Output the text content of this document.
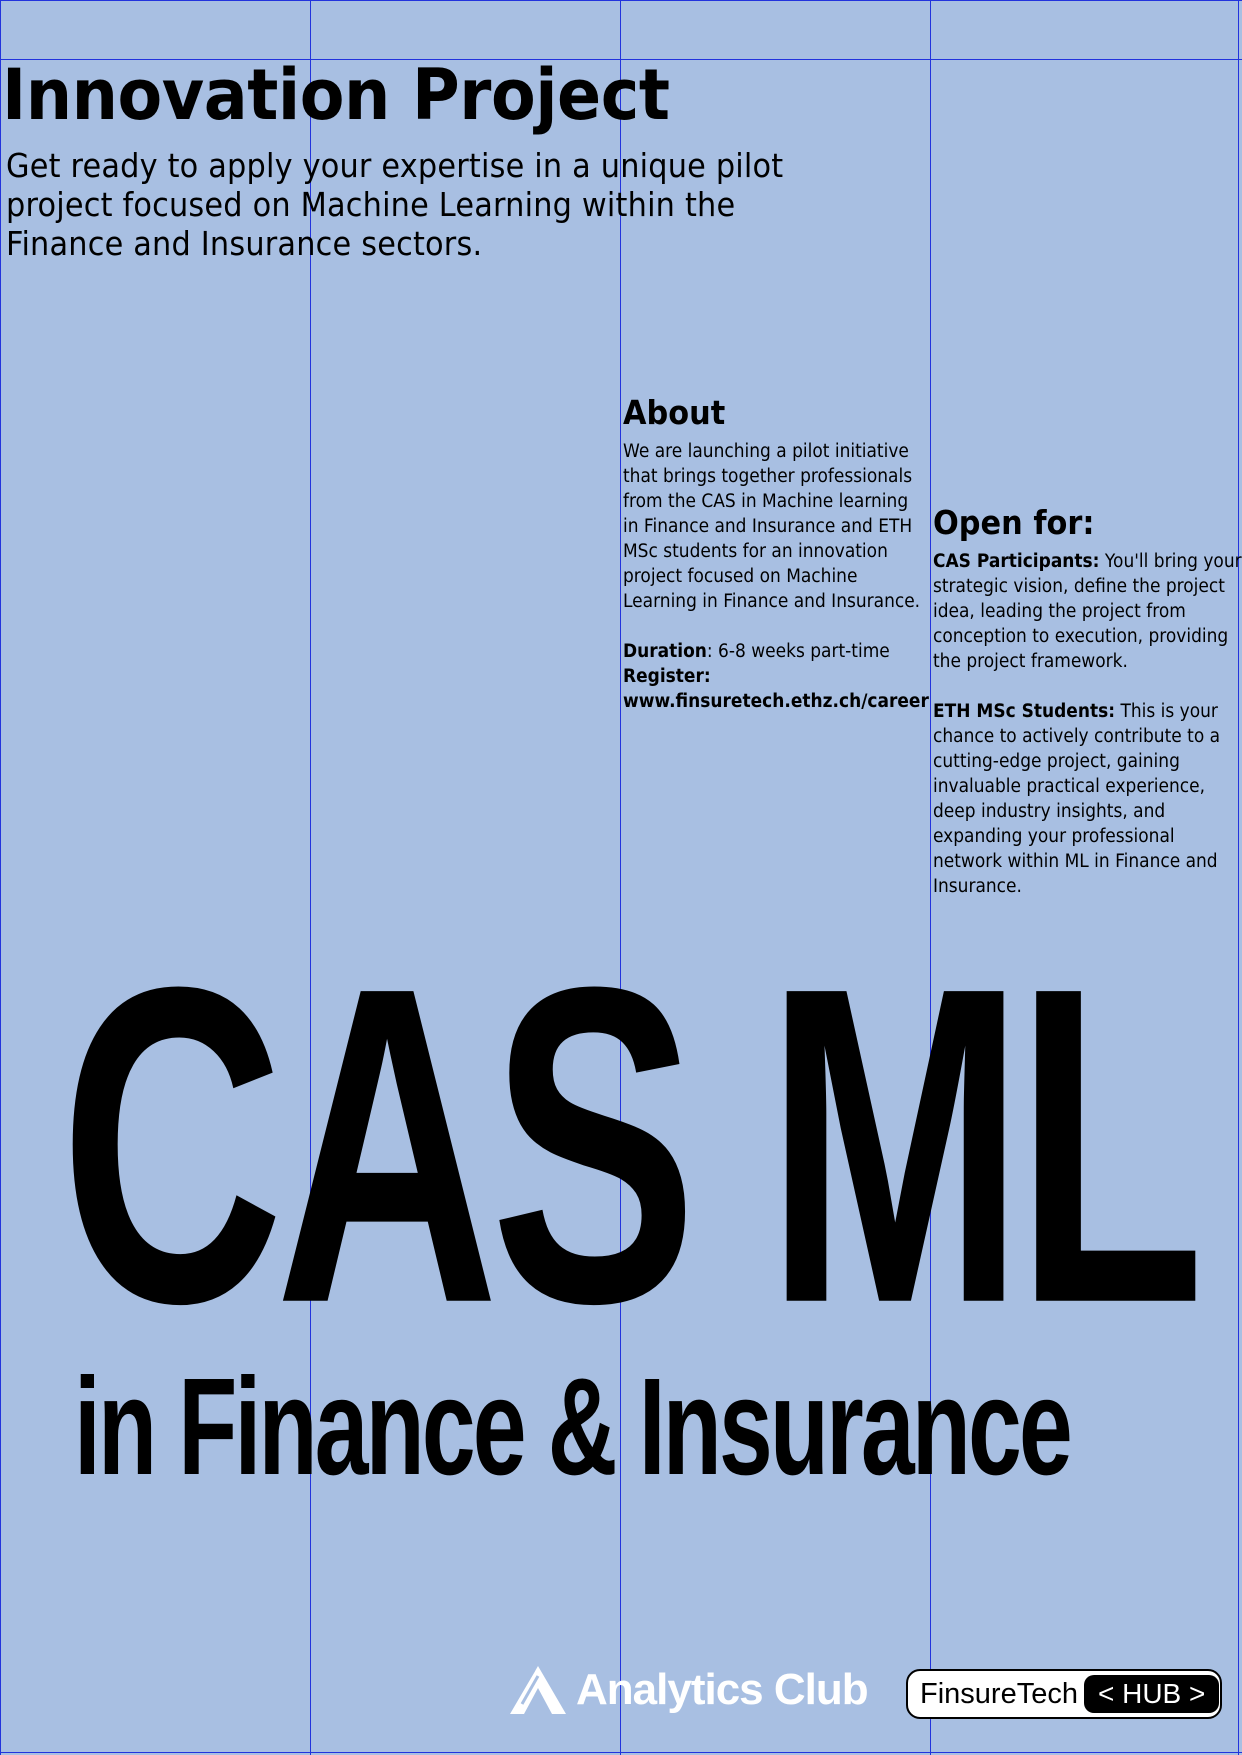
Innovation Project

Get ready to apply your expertise in a unique pilot project focused on Machine Learning within the Finance and Insurance sectors.

About

We are launching a pilot initiative that brings together professionals from the CAS in Machine learning in Finance and Insurance and ETH MSc students for an innovation project focused on Machine Learning in Finance and Insurance.

Duration: 6-8 weeks part-time

Register:

www.finsuretech.ethz.ch/career

Open for:

CAS Participants: You'll bring your strategic vision, define the project idea, leading the project from conception to execution, providing the project framework.

ETH MSc Students: This is your chance to actively contribute to a cutting-edge project, gaining invaluable practical experience, deep industry insights, and expanding your professional network within ML in Finance and Insurance.

CAS ML
in Finance & Insurance
Analytics Club FinsureTech < HUB >
